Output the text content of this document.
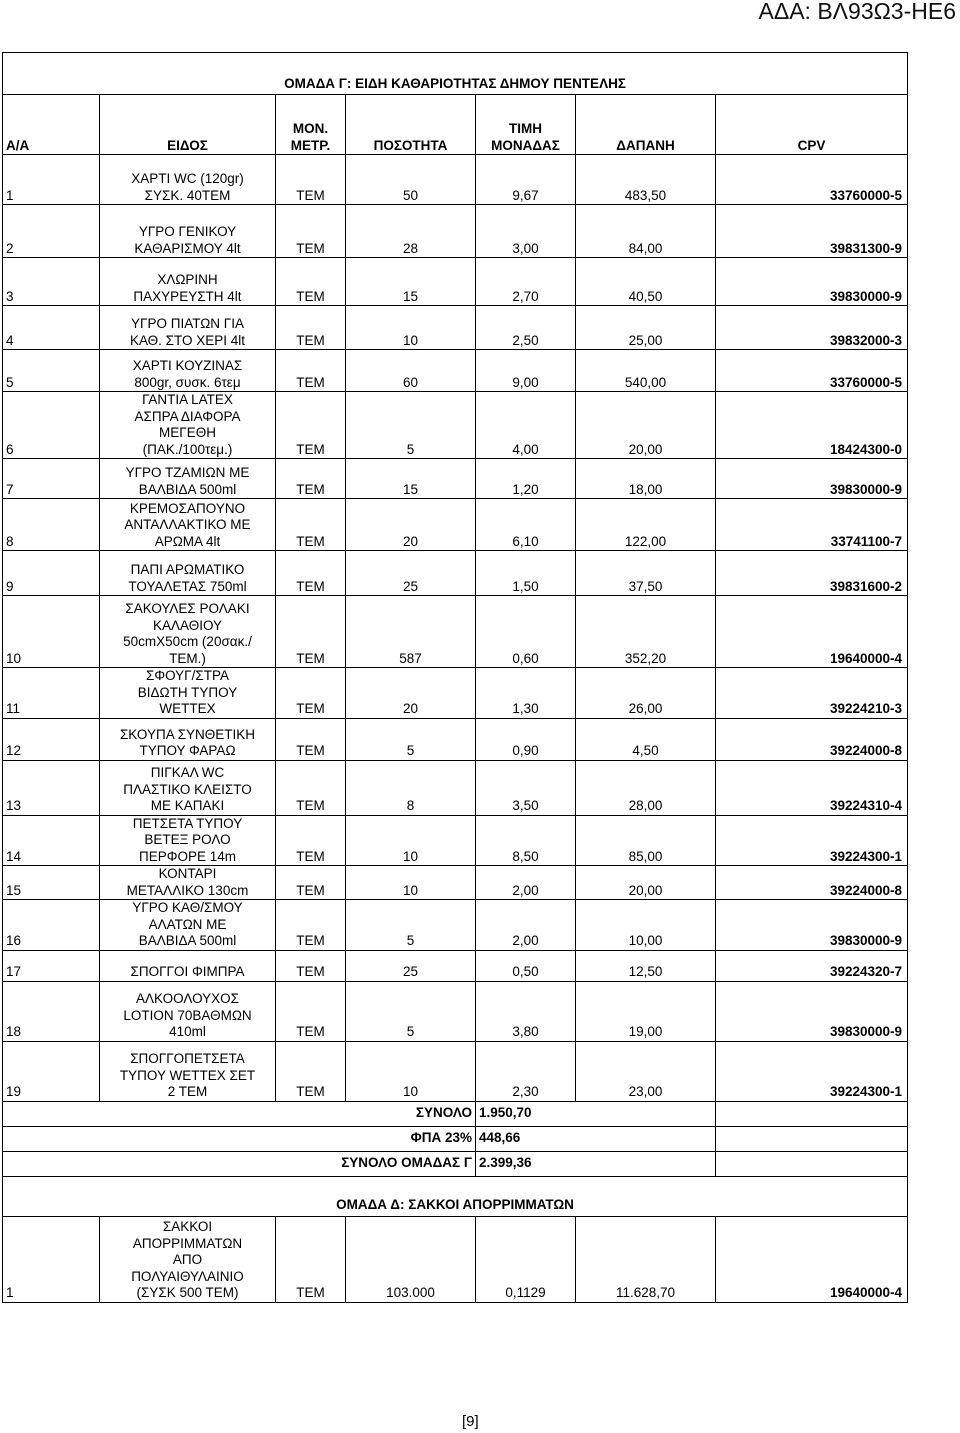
ΑΔΑ: ΒΛ93Ω3-ΗΕ6
ΟΜΑΔΑ Γ: ΕΙΔΗ ΚΑΘΑΡΙΟΤΗΤΑΣ ΔΗΜΟΥ ΠΕΝΤΕΛΗΣ						
Α/Α	ΕΙΔΟΣ	ΜΟΝ.
ΜΕΤΡ.	ΠΟΣΟΤΗΤΑ	ΤΙΜΗ
ΜΟΝΑΔΑΣ	ΔΑΠΑΝΗ	CPV
1	ΧΑΡΤΙ WC (120gr)
ΣΥΣΚ. 40ΤΕΜ	ΤΕΜ	50	9,67	483,50	33760000-5
2	ΥΓΡΟ ΓΕΝΙΚΟΥ
ΚΑΘΑΡΙΣΜΟΥ 4lt	ΤΕΜ	28	3,00	84,00	39831300-9
3	ΧΛΩΡΙΝΗ
ΠΑΧΥΡΕΥΣΤΗ 4lt	ΤΕΜ	15	2,70	40,50	39830000-9
4	ΥΓΡΟ ΠΙΑΤΩΝ ΓΙΑ
ΚΑΘ. ΣΤΟ ΧΕΡΙ 4lt	ΤΕΜ	10	2,50	25,00	39832000-3
5	ΧΑΡΤΙ ΚΟΥΖΙΝΑΣ
800gr, συσκ. 6τεμ	ΤΕΜ	60	9,00	540,00	33760000-5
6	ΓΑΝΤΙΑ LATEX
ΑΣΠΡΑ ΔΙΑΦΟΡΑ
ΜΕΓΕΘΗ
(ΠΑΚ./100τεμ.)	ΤΕΜ	5	4,00	20,00	18424300-0
7	ΥΓΡΟ ΤΖΑΜΙΩΝ ΜΕ
ΒΑΛΒΙΔΑ 500ml	ΤΕΜ	15	1,20	18,00	39830000-9
8	ΚΡΕΜΟΣΑΠΟΥΝΟ
ΑΝΤΑΛΛΑΚΤΙΚΟ ΜΕ
ΑΡΩΜΑ 4lt	ΤΕΜ	20	6,10	122,00	33741100-7
9	ΠΑΠΙ ΑΡΩΜΑΤΙΚΟ
ΤΟΥΑΛΕΤΑΣ 750ml	ΤΕΜ	25	1,50	37,50	39831600-2
10	ΣΑΚΟΥΛΕΣ ΡΟΛΑΚΙ
ΚΑΛΑΘΙΟΥ
50cmX50cm (20σακ./
ΤΕΜ.)	ΤΕΜ	587	0,60	352,20	19640000-4
11	ΣΦΟΥΓ/ΣΤΡΑ
ΒΙΔΩΤΗ ΤΥΠΟΥ
WETTEX	ΤΕΜ	20	1,30	26,00	39224210-3
12	ΣΚΟΥΠΑ ΣΥΝΘΕΤΙΚΗ
ΤΥΠΟΥ ΦΑΡΑΩ	ΤΕΜ	5	0,90	4,50	39224000-8
13	ΠΙΓΚΑΛ WC
ΠΛΑΣΤΙΚΟ ΚΛΕΙΣΤΟ
ΜΕ ΚΑΠΑΚΙ	ΤΕΜ	8	3,50	28,00	39224310-4
14	ΠΕΤΣΕΤΑ ΤΥΠΟΥ
ΒΕΤΕΞ ΡΟΛΟ
ΠΕΡΦΟΡΕ 14m	ΤΕΜ	10	8,50	85,00	39224300-1
15	ΚΟΝΤΑΡΙ
ΜΕΤΑΛΛΙΚΟ 130cm	ΤΕΜ	10	2,00	20,00	39224000-8
16	ΥΓΡΟ ΚΑΘ/ΣΜΟΥ
ΑΛΑΤΩΝ ΜΕ
ΒΑΛΒΙΔΑ 500ml	ΤΕΜ	5	2,00	10,00	39830000-9
17	ΣΠΟΓΓΟΙ ΦΙΜΠΡΑ	ΤΕΜ	25	0,50	12,50	39224320-7
18	ΑΛΚΟΟΛΟΥΧΟΣ
LOTION 70ΒΑΘΜΩΝ
410ml	ΤΕΜ	5	3,80	19,00	39830000-9
19	ΣΠΟΓΓΟΠΕΤΣΕΤΑ
ΤΥΠΟΥ WETTEX ΣΕΤ
2 ΤΕΜ	ΤΕΜ	10	2,30	23,00	39224300-1
ΣΥΝΟΛΟ				1.950,70		
ΦΠΑ 23%				448,66		
ΣΥΝΟΛΟ ΟΜΑΔΑΣ Γ				2.399,36		
ΟΜΑΔΑ Δ: ΣΑΚΚΟΙ ΑΠΟΡΡΙΜΜΑΤΩΝ						
1	ΣΑΚΚΟΙ
ΑΠΟΡΡΙΜΜΑΤΩΝ
ΑΠΟ
ΠΟΛΥΑΙΘΥΛΑΙΝΙΟ
(ΣΥΣΚ 500 ΤΕΜ)	ΤΕΜ	103.000	0,1129	11.628,70	19640000-4
[9]
